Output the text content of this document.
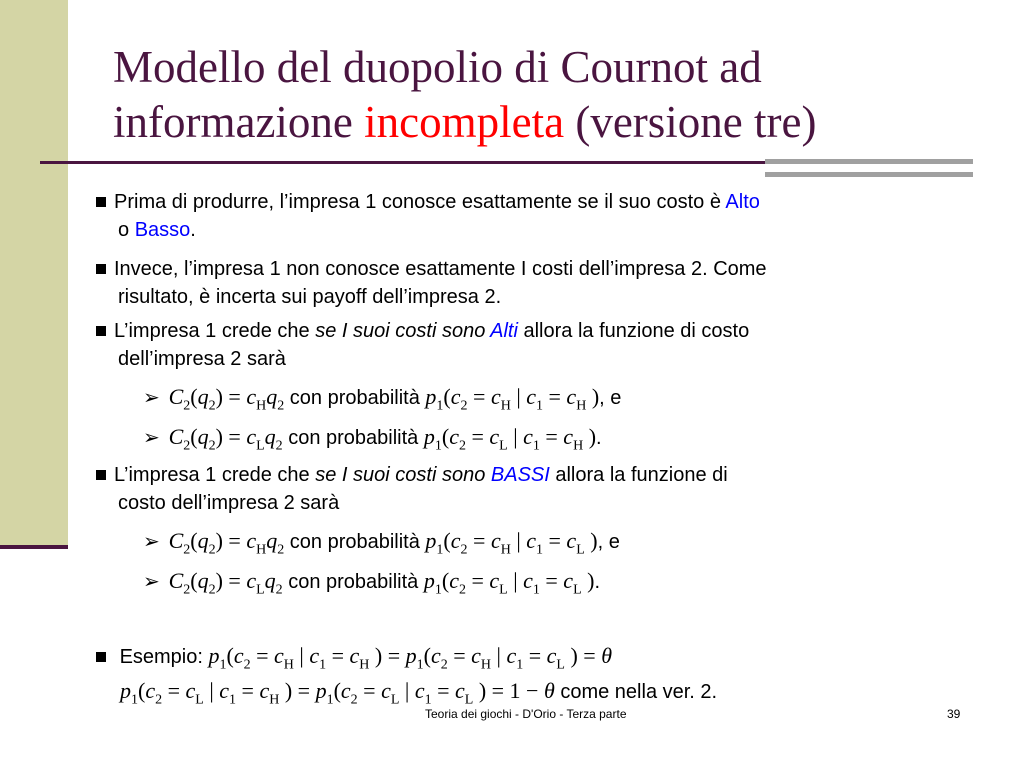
Modello del duopolio di Cournot ad informazione incompleta (versione tre)
Prima di produrre, l’impresa 1 conosce esattamente se il suo costo è Alto
o Basso.
Invece, l’impresa 1 non conosce esattamente I costi dell’impresa 2. Come
risultato, è incerta sui payoff dell’impresa 2.
L’impresa 1 crede che se I suoi costi sono Alti allora la funzione di costo
dell’impresa 2 sarà
➢ $C_2(q_2) = c_Hq_2$ con probabilità $p_1(c_2 = c_H$ | $c_1 = c_H$ ), e
➢ $C_2(q_2) = c_Lq_2$ con probabilità $p_1(c_2 = c_L$ | $c_1 = c_H$ ).
L’impresa 1 crede che se I suoi costi sono BASSI allora la funzione di
costo dell’impresa 2 sarà
➢ $C_2(q_2) = c_Hq_2$ con probabilità $p_1(c_2 = c_H$ | $c_1 = c_L$ ), e
➢ $C_2(q_2) = c_Lq_2$ con probabilità $p_1(c_2 = c_L$ | $c_1 = c_L$ ).
Esempio: $p_1(c_2 = c_H$ | $c_1 = c_H$ ) = $p_1(c_2 = c_H$ | $c_1 = c_L$ ) = θ
$p_1(c_2 = c_L$ | $c_1 = c_H$ ) = $p_1(c_2 = c_L$ | $c_1 = c_L$ ) = 1 − θ come nella ver. 2.
Teoria dei giochi - D'Orio - Terza parte	39
